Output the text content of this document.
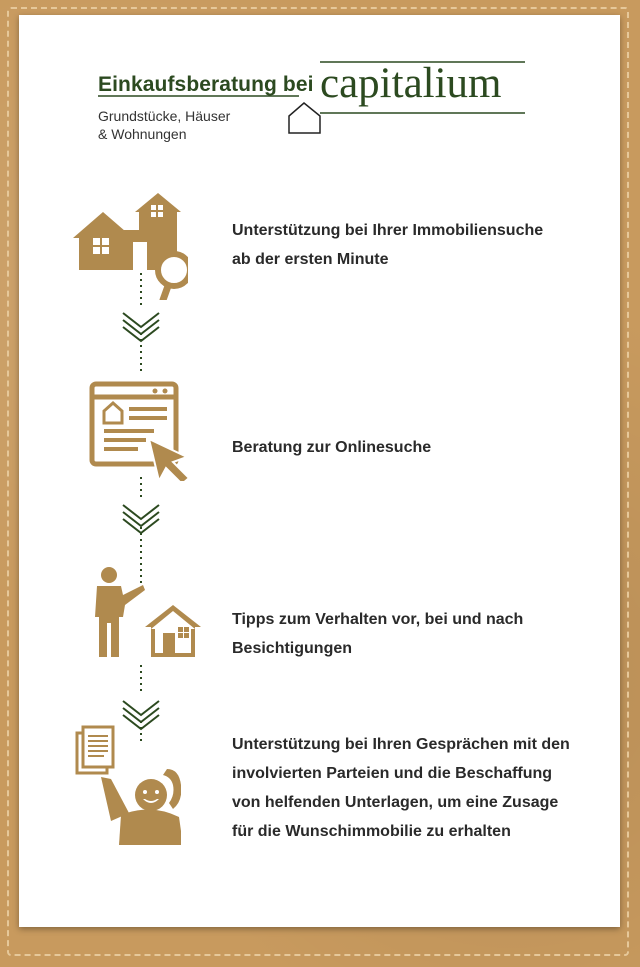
Einkaufsberatung bei capitalium
Grundstücke, Häuser
& Wohnungen
Unterstützung bei Ihrer Immobiliensuche
ab der ersten Minute
Beratung zur Onlinesuche
Tipps zum Verhalten vor, bei und nach
Besichtigungen
Unterstützung bei Ihren Gesprächen mit den
involvierten Parteien und die Beschaffung
von helfenden Unterlagen, um eine Zusage
für die Wunschimmobilie zu erhalten
